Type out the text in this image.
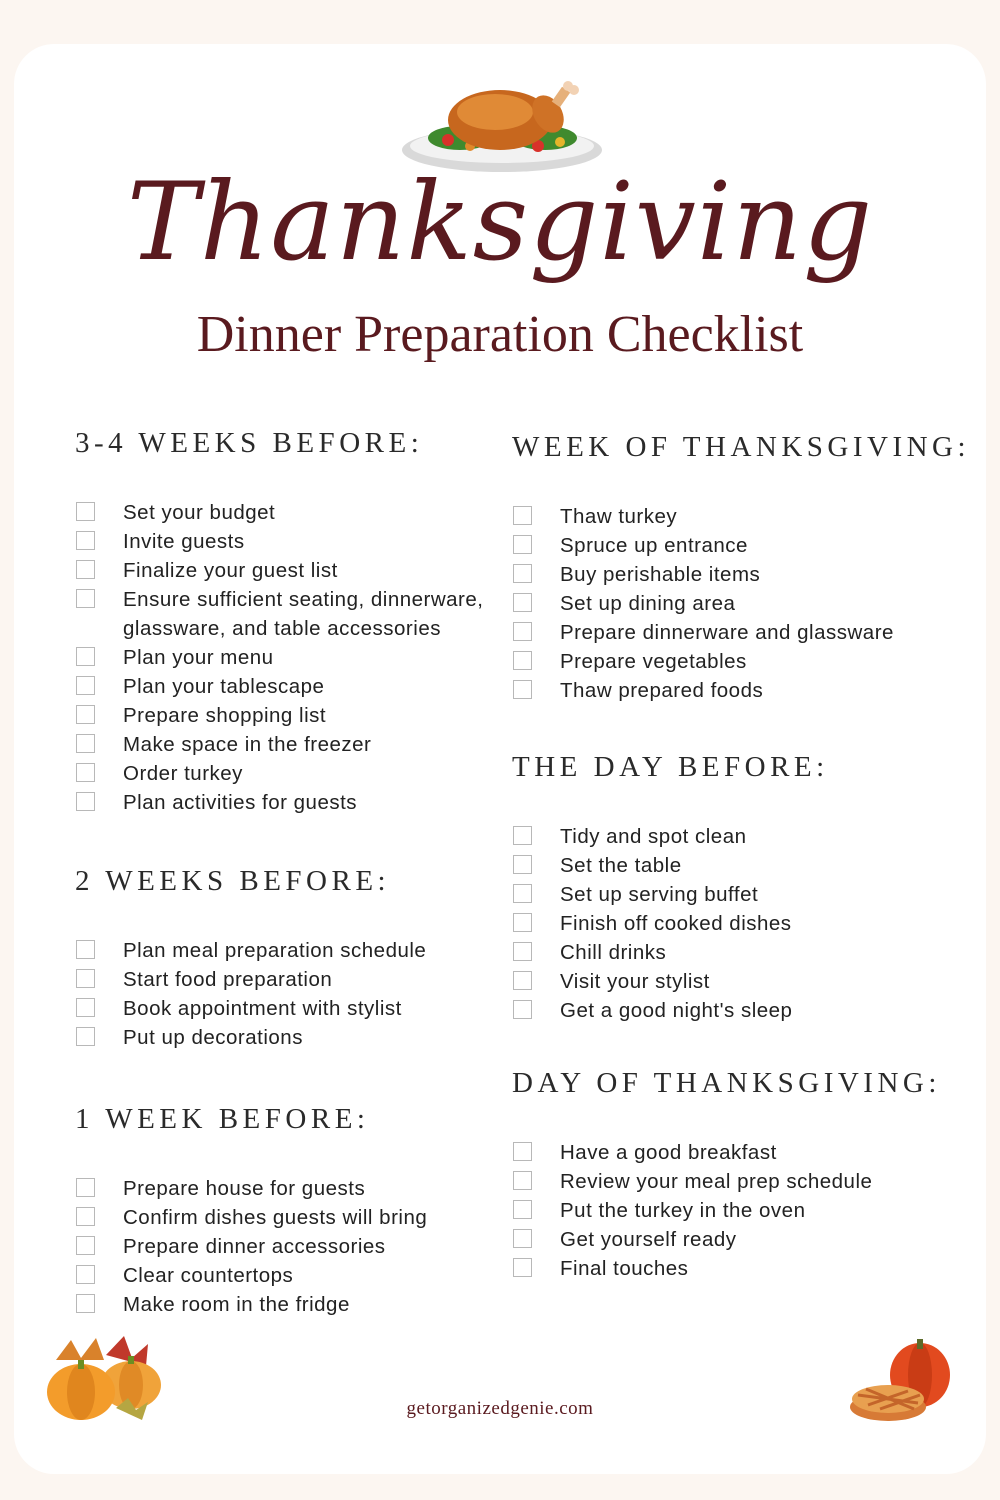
Thanksgiving
Dinner Preparation Checklist
3-4 WEEKS BEFORE:
Set your budget
Invite guests
Finalize your guest list
Ensure sufficient seating, dinnerware, glassware, and table accessories
Plan your menu
Plan your tablescape
Prepare shopping list
Make space in the freezer
Order turkey
Plan activities for guests
2 WEEKS BEFORE:
Plan meal preparation schedule
Start food preparation
Book appointment with stylist
Put up decorations
1 WEEK BEFORE:
Prepare house for guests
Confirm dishes guests will bring
Prepare dinner accessories
Clear countertops
Make room in the fridge
WEEK OF THANKSGIVING:
Thaw turkey
Spruce up entrance
Buy perishable items
Set up dining area
Prepare dinnerware and glassware
Prepare vegetables
Thaw prepared foods
THE DAY BEFORE:
Tidy and spot clean
Set the table
Set up serving buffet
Finish off cooked dishes
Chill drinks
Visit your stylist
Get a good night's sleep
DAY OF THANKSGIVING:
Have a good breakfast
Review your meal prep schedule
Put the turkey in the oven
Get yourself ready
Final touches
getorganizedgenie.com
